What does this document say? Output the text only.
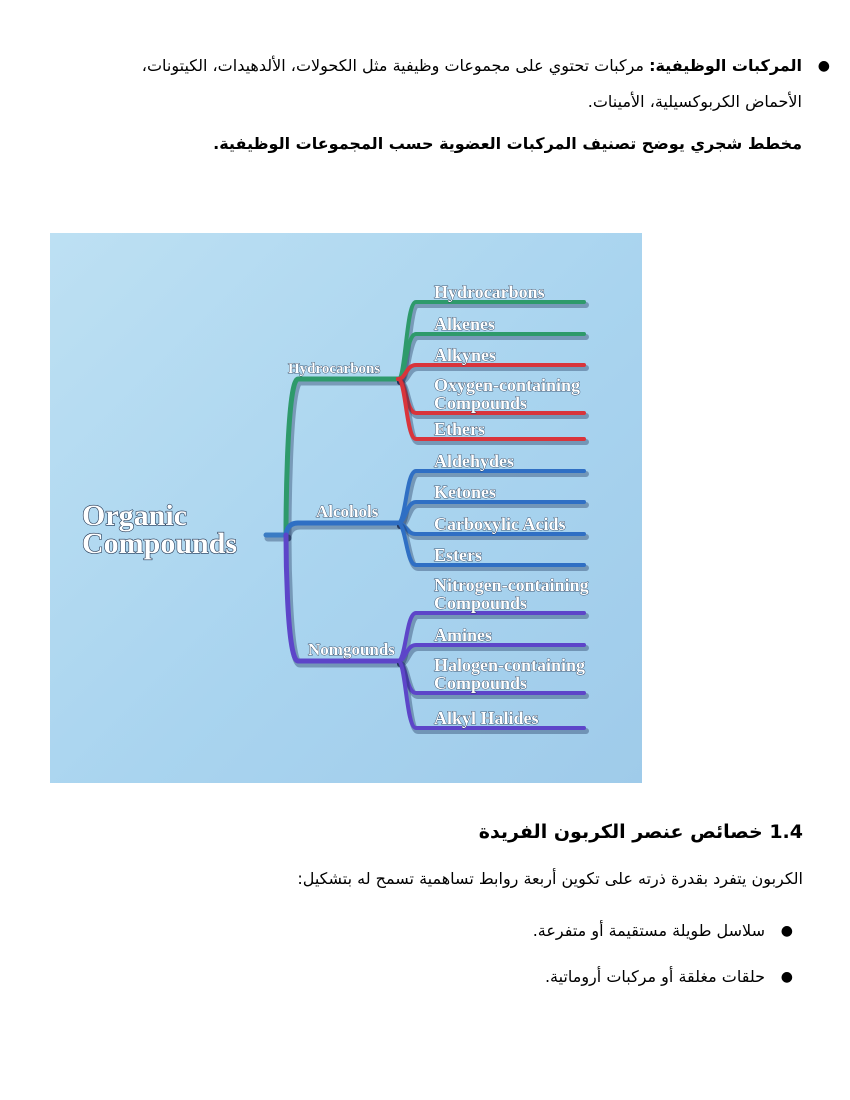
●
المركبات الوظيفية: مركبات تحتوي على مجموعات وظيفية مثل الكحولات، الألدهيدات، الكيتونات، الأحماض الكربوكسيلية، الأمينات.
مخطط شجري يوضح تصنيف المركبات العضوية حسب المجموعات الوظيفية.
Organic Compounds
Hydrocarbons
Hydrocarbons
Alkenes
Alkynes
Oxygen-containing Compounds
Ethers
Alcohols
Aldehydes
Ketones
Carboxylic Acids
Esters
Nomgounds
Nitrogen-containing Compounds
Amines
Halogen-containing Compounds
Alkyl Halides
1.4 خصائص عنصر الكربون الفريدة
الكربون يتفرد بقدرة ذرته على تكوين أربعة روابط تساهمية تسمح له بتشكيل:
●
سلاسل طويلة مستقيمة أو متفرعة.
●
حلقات مغلقة أو مركبات أروماتية.
